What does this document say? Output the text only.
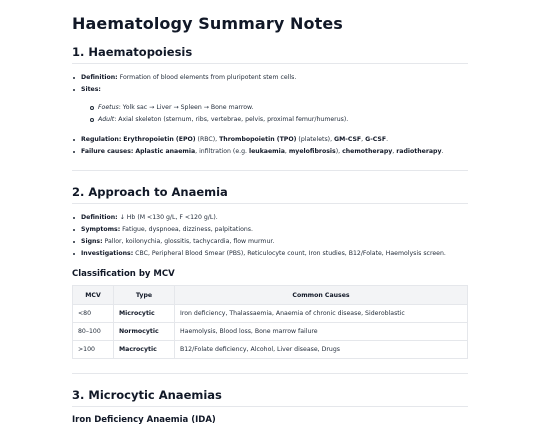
Haematology Summary Notes
1. Haematopoiesis
Definition: Formation of blood elements from pluripotent stem cells.
Sites:
Foetus: Yolk sac → Liver → Spleen → Bone marrow.
Adult: Axial skeleton (sternum, ribs, vertebrae, pelvis, proximal femur/humerus).
Regulation: Erythropoietin (EPO) (RBC), Thrombopoietin (TPO) (platelets), GM-CSF, G-CSF.
Failure causes: Aplastic anaemia, infiltration (e.g. leukaemia, myelofibrosis), chemotherapy, radiotherapy.
2. Approach to Anaemia
Definition: ↓ Hb (M <130 g/L, F <120 g/L).
Symptoms: Fatigue, dyspnoea, dizziness, palpitations.
Signs: Pallor, koilonychia, glossitis, tachycardia, flow murmur.
Investigations: CBC, Peripheral Blood Smear (PBS), Reticulocyte count, Iron studies, B12/Folate, Haemolysis screen.
Classification by MCV
MCV	Type	Common Causes
<80	Microcytic	Iron deficiency, Thalassaemia, Anaemia of chronic disease, Sideroblastic
80–100	Normocytic	Haemolysis, Blood loss, Bone marrow failure
>100	Macrocytic	B12/Folate deficiency, Alcohol, Liver disease, Drugs
3. Microcytic Anaemias
Iron Deficiency Anaemia (IDA)
